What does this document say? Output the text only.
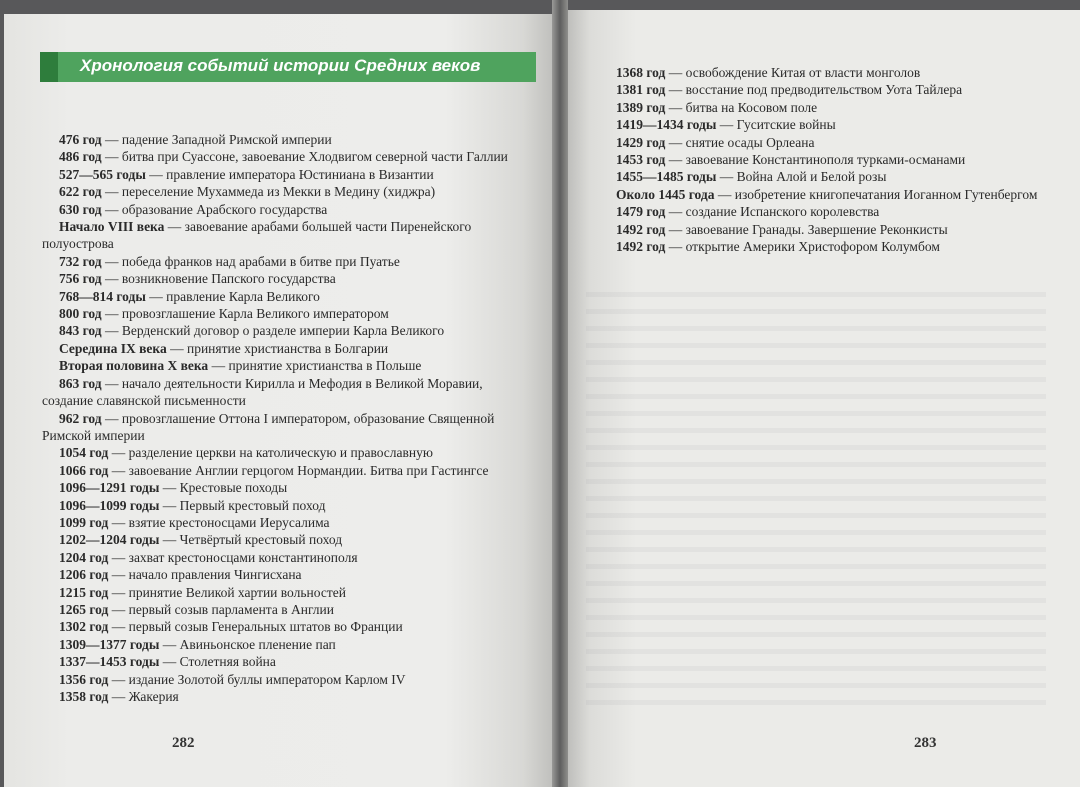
Хронология событий истории Средних веков
476 год — падение Западной Римской империи
486 год — битва при Суассоне, завоевание Хлодвигом северной части Галлии
527—565 годы — правление императора Юстиниана в Византии
622 год — переселение Мухаммеда из Мекки в Медину (хиджра)
630 год — образование Арабского государства
Начало VIII века — завоевание арабами большей части Пиренейского полуострова
732 год — победа франков над арабами в битве при Пуатье
756 год — возникновение Папского государства
768—814 годы — правление Карла Великого
800 год — провозглашение Карла Великого императором
843 год — Верденский договор о разделе империи Карла Великого
Середина IX века — принятие христианства в Болгарии
Вторая половина X века — принятие христианства в Польше
863 год — начало деятельности Кирилла и Мефодия в Великой Моравии, создание славянской письменности
962 год — провозглашение Оттона I императором, образование Священной Римской империи
1054 год — разделение церкви на католическую и православную
1066 год — завоевание Англии герцогом Нормандии. Битва при Гастингсе
1096—1291 годы — Крестовые походы
1096—1099 годы — Первый крестовый поход
1099 год — взятие крестоносцами Иерусалима
1202—1204 годы — Четвёртый крестовый поход
1204 год — захват крестоносцами константинополя
1206 год — начало правления Чингисхана
1215 год — принятие Великой хартии вольностей
1265 год — первый созыв парламента в Англии
1302 год — первый созыв Генеральных штатов во Франции
1309—1377 годы — Авиньонское пленение пап
1337—1453 годы — Столетняя война
1356 год — издание Золотой буллы императором Карлом IV
1358 год — Жакерия
1368 год — освобождение Китая от власти монголов
1381 год — восстание под предводительством Уота Тайлера
1389 год — битва на Косовом поле
1419—1434 годы — Гуситские войны
1429 год — снятие осады Орлеана
1453 год — завоевание Константинополя турками-османами
1455—1485 годы — Война Алой и Белой розы
Около 1445 года — изобретение книгопечатания Иоганном Гутенбергом
1479 год — создание Испанского королевства
1492 год — завоевание Гранады. Завершение Реконкисты
1492 год — открытие Америки Христофором Колумбом
282	283
